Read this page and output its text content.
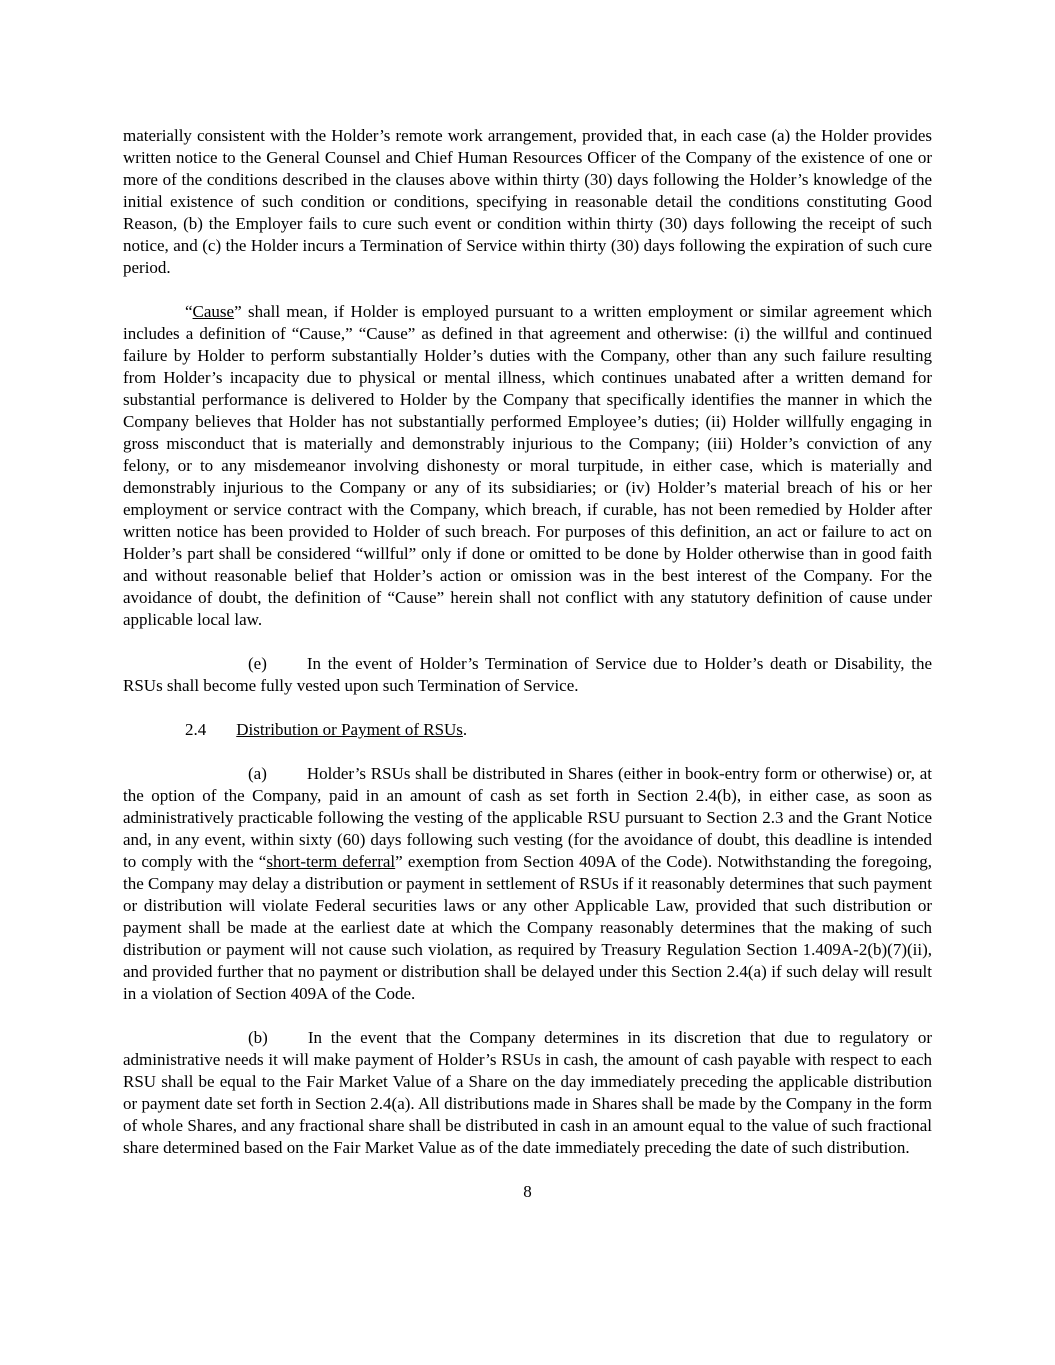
materially consistent with the Holder’s remote work arrangement, provided that, in each case (a) the Holder provides written notice to the General Counsel and Chief Human Resources Officer of the Company of the existence of one or more of the conditions described in the clauses above within thirty (30) days following the Holder’s knowledge of the initial existence of such condition or conditions, specifying in reasonable detail the conditions constituting Good Reason, (b) the Employer fails to cure such event or condition within thirty (30) days following the receipt of such notice, and (c) the Holder incurs a Termination of Service within thirty (30) days following the expiration of such cure period.

“Cause” shall mean, if Holder is employed pursuant to a written employment or similar agreement which includes a definition of “Cause,” “Cause” as defined in that agreement and otherwise: (i) the willful and continued failure by Holder to perform substantially Holder’s duties with the Company, other than any such failure resulting from Holder’s incapacity due to physical or mental illness, which continues unabated after a written demand for substantial performance is delivered to Holder by the Company that specifically identifies the manner in which the Company believes that Holder has not substantially performed Employee’s duties; (ii) Holder willfully engaging in gross misconduct that is materially and demonstrably injurious to the Company; (iii) Holder’s conviction of any felony, or to any misdemeanor involving dishonesty or moral turpitude, in either case, which is materially and demonstrably injurious to the Company or any of its subsidiaries; or (iv) Holder’s material breach of his or her employment or service contract with the Company, which breach, if curable, has not been remedied by Holder after written notice has been provided to Holder of such breach. For purposes of this definition, an act or failure to act on Holder’s part shall be considered “willful” only if done or omitted to be done by Holder otherwise than in good faith and without reasonable belief that Holder’s action or omission was in the best interest of the Company. For the avoidance of doubt, the definition of “Cause” herein shall not conflict with any statutory definition of cause under applicable local law.

(e) In the event of Holder’s Termination of Service due to Holder’s death or Disability, the RSUs shall become fully vested upon such Termination of Service.

2.4 Distribution or Payment of RSUs.

(a) Holder’s RSUs shall be distributed in Shares (either in book-entry form or otherwise) or, at the option of the Company, paid in an amount of cash as set forth in Section 2.4(b), in either case, as soon as administratively practicable following the vesting of the applicable RSU pursuant to Section 2.3 and the Grant Notice and, in any event, within sixty (60) days following such vesting (for the avoidance of doubt, this deadline is intended to comply with the “short-term deferral” exemption from Section 409A of the Code). Notwithstanding the foregoing, the Company may delay a distribution or payment in settlement of RSUs if it reasonably determines that such payment or distribution will violate Federal securities laws or any other Applicable Law, provided that such distribution or payment shall be made at the earliest date at which the Company reasonably determines that the making of such distribution or payment will not cause such violation, as required by Treasury Regulation Section 1.409A-2(b)(7)(ii), and provided further that no payment or distribution shall be delayed under this Section 2.4(a) if such delay will result in a violation of Section 409A of the Code.

(b) In the event that the Company determines in its discretion that due to regulatory or administrative needs it will make payment of Holder’s RSUs in cash, the amount of cash payable with respect to each RSU shall be equal to the Fair Market Value of a Share on the day immediately preceding the applicable distribution or payment date set forth in Section 2.4(a). All distributions made in Shares shall be made by the Company in the form of whole Shares, and any fractional share shall be distributed in cash in an amount equal to the value of such fractional share determined based on the Fair Market Value as of the date immediately preceding the date of such distribution.

8
